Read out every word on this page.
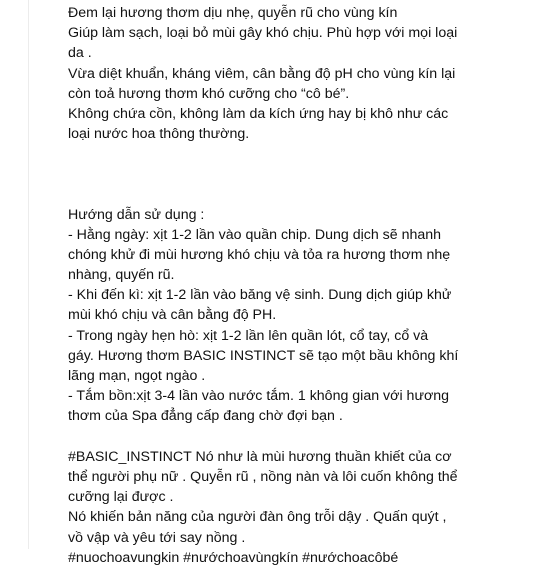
Đem lại hương thơm dịu nhẹ, quyễn rũ cho vùng kín
Giúp làm sạch, loại bỏ mùi gây khó chịu. Phù hợp với mọi loại
da .
Vừa diệt khuẩn, kháng viêm, cân bằng độ pH cho vùng kín lại
còn toả hương thơm khó cưỡng cho “cô bé”.
Không chứa cồn, không làm da kích ứng hay bị khô như các
loại nước hoa thông thường.
Hướng dẫn sử dụng :
- Hằng ngày: xịt 1-2 lần vào quần chip. Dung dịch sẽ nhanh
chóng khử đi mùi hương khó chịu và tỏa ra hương thơm nhẹ
nhàng, quyến rũ.
- Khi đến kì: xịt 1-2 lần vào băng vệ sinh. Dung dịch giúp khử
mùi khó chịu và cân bằng độ PH.
- Trong ngày hẹn hò: xịt 1-2 lần lên quần lót, cổ tay, cổ và
gáy. Hương thơm BASIC INSTINCT sẽ tạo một bầu không khí
lãng mạn, ngọt ngào .
- Tắm bồn:xịt 3-4 lần vào nước tắm. 1 không gian với hương
thơm của Spa đẳng cấp đang chờ đợi bạn .
#BASIC_INSTINCT Nó như là mùi hương thuần khiết của cơ
thể người phụ nữ . Quyễn rũ , nồng nàn và lôi cuốn không thể
cưỡng lại được .
Nó khiến bản năng của người đàn ông trỗi dậy . Quấn quýt ,
vồ vập và yêu tới say nồng .
#nuochoavungkin #nướchoavùngkín #nướchoacôbé
